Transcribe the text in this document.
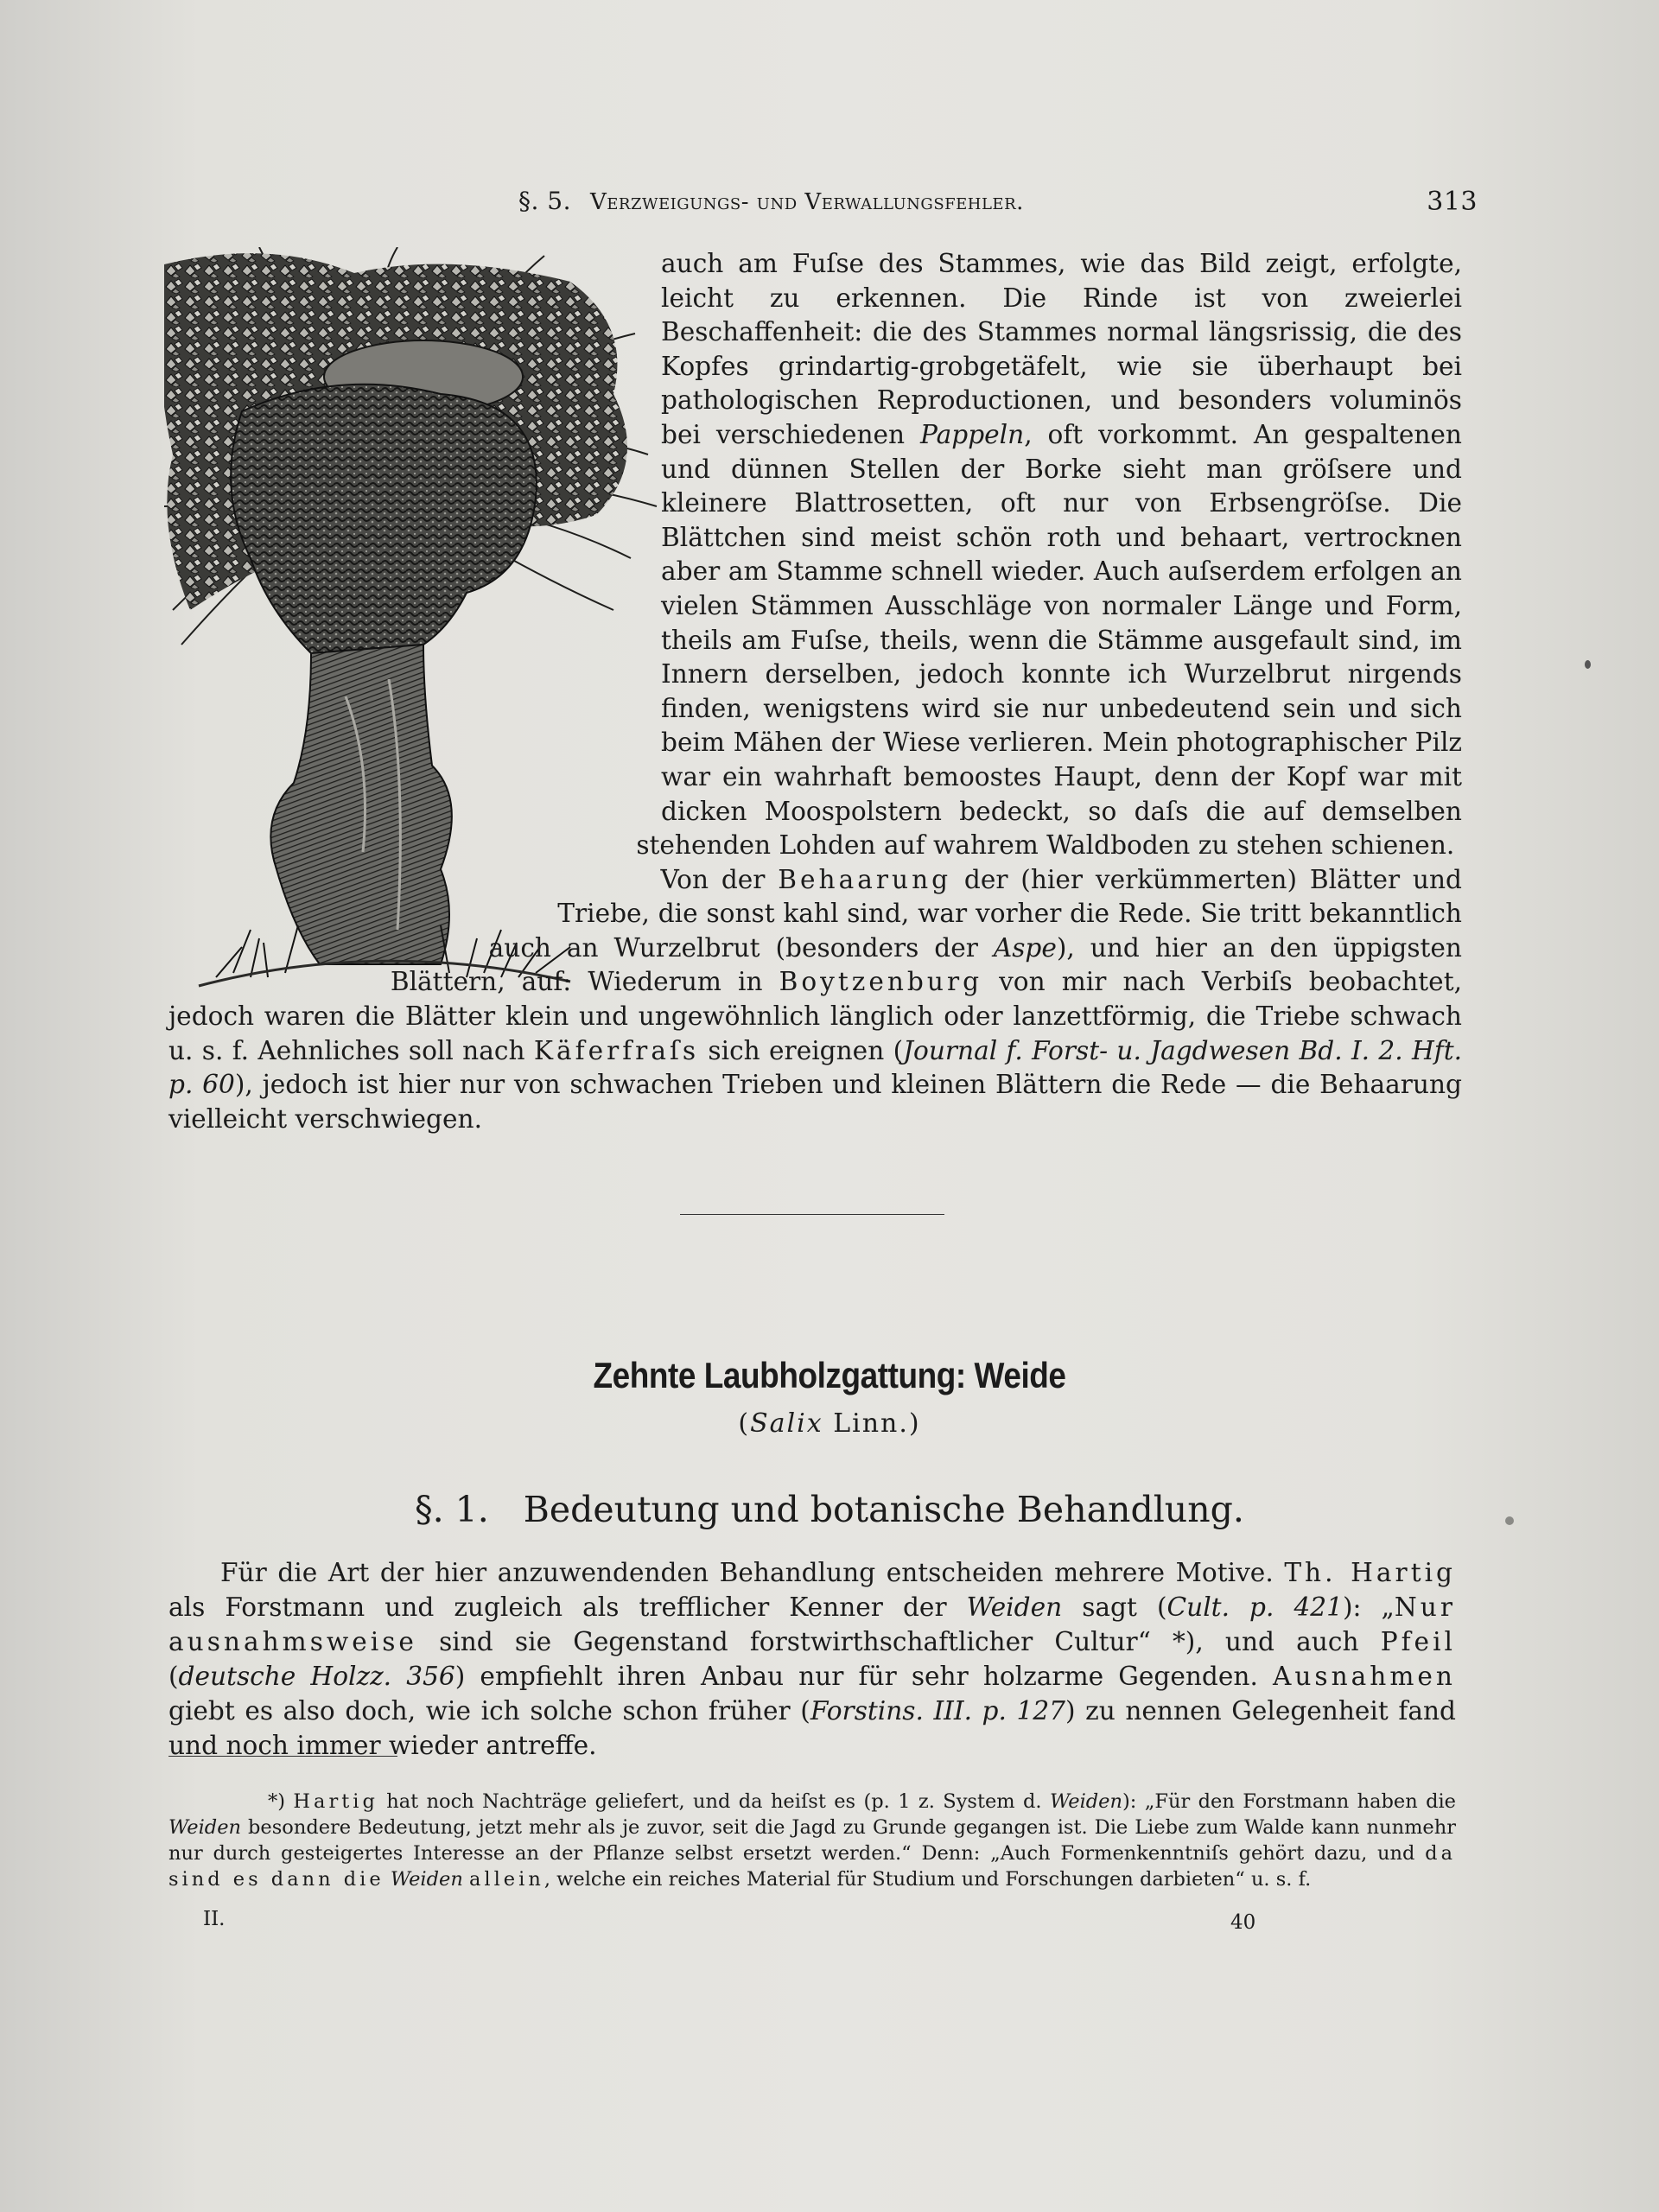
§. 5. Verzweigungs- und Verwallungsfehler.	313

auch am Fuſse des Stammes, wie das Bild zeigt, erfolgte, leicht zu erkennen. Die Rinde ist von zweierlei Beschaffenheit: die des Stammes normal längsrissig, die des Kopfes grindartig-grobgetäfelt, wie sie überhaupt bei pathologischen Reproductionen, und besonders voluminös bei verschiedenen Pappeln, oft vorkommt. An gespaltenen und dünnen Stellen der Borke sieht man gröſsere und kleinere Blattrosetten, oft nur von Erbsengröſse. Die Blättchen sind meist schön roth und behaart, vertrocknen aber am Stamme schnell wieder. Auch auſserdem erfolgen an vielen Stämmen Ausschläge von normaler Länge und Form, theils am Fuſse, theils, wenn die Stämme ausgefault sind, im Innern derselben, jedoch konnte ich Wurzelbrut nirgends finden, wenigstens wird sie nur unbedeutend sein und sich beim Mähen der Wiese verlieren. Mein photographischer Pilz war ein wahrhaft bemoostes Haupt, denn der Kopf war mit dicken Moospolstern bedeckt, so daſs die auf demselben stehenden Lohden auf wahrem Waldboden zu stehen schienen.

Von der Behaarung der (hier verkümmerten) Blätter und Triebe, die sonst kahl sind, war vorher die Rede. Sie tritt bekanntlich auch an Wurzelbrut (besonders der Aspe), und hier an den üppigsten Blättern, auf: Wiederum in Boytzenburg von mir nach Verbiſs beobachtet, jedoch waren die Blätter klein und ungewöhnlich länglich oder lanzettförmig, die Triebe schwach u. s. f. Aehnliches soll nach Käferfraſs sich ereignen (Journal f. Forst- u. Jagdwesen Bd. I. 2. Hft. p. 60), jedoch ist hier nur von schwachen Trieben und kleinen Blättern die Rede — die Behaarung vielleicht verschwiegen.

Zehnte Laubholzgattung: Weide
(Salix Linn.)
§. 1. Bedeutung und botanische Behandlung.

Für die Art der hier anzuwendenden Behandlung entscheiden mehrere Motive. Th. Hartig als Forstmann und zugleich als trefflicher Kenner der Weiden sagt (Cult. p. 421): „Nur ausnahmsweise sind sie Gegenstand forstwirthschaftlicher Cultur“ *), und auch Pfeil (deutsche Holzz. 356) empfiehlt ihren Anbau nur für sehr holzarme Gegenden. Ausnahmen giebt es also doch, wie ich solche schon früher (Forstins. III. p. 127) zu nennen Gelegenheit fand und noch immer wieder antreffe.

*) Hartig hat noch Nachträge geliefert, und da heiſst es (p. 1 z. System d. Weiden): „Für den Forstmann haben die Weiden besondere Bedeutung, jetzt mehr als je zuvor, seit die Jagd zu Grunde gegangen ist. Die Liebe zum Walde kann nunmehr nur durch gesteigertes Interesse an der Pflanze selbst ersetzt werden.“ Denn: „Auch Formenkenntniſs gehört dazu, und da sind es dann die Weiden allein, welche ein reiches Material für Studium und Forschungen darbieten“ u. s. f.

II.	40
